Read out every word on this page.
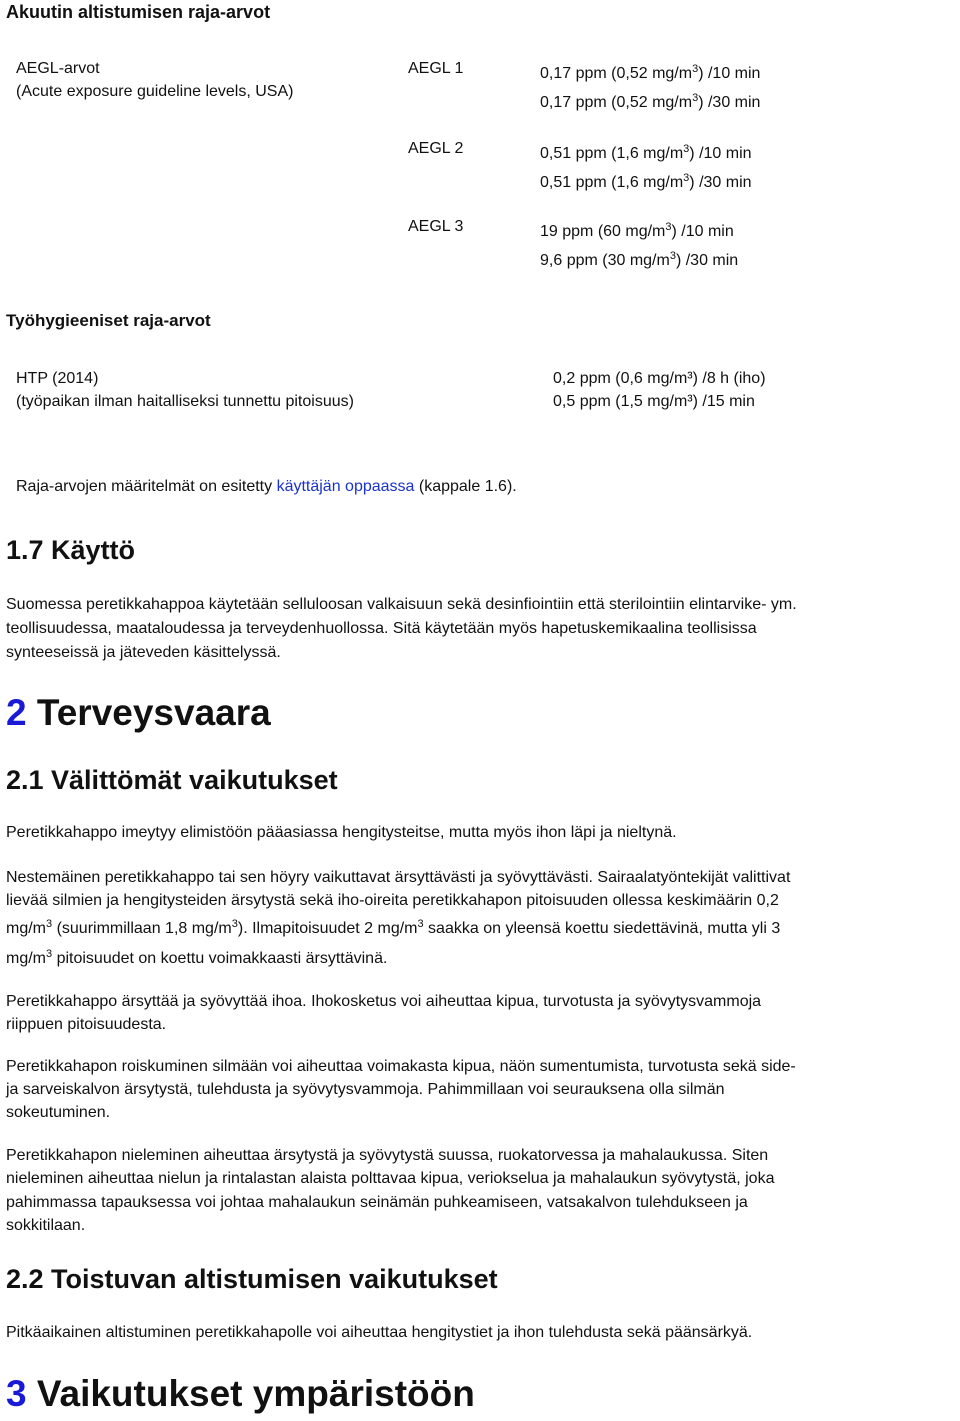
Akuutin altistumisen raja-arvot
AEGL-arvot
(Acute exposure guideline levels, USA)
AEGL 1	0,17 ppm (0,52 $mg/m^3$) /10 min
0,17 ppm (0,52 $mg/m^3$) /30 min
AEGL 2	0,51 ppm (1,6 $mg/m^3$) /10 min
0,51 ppm (1,6 $mg/m^3$) /30 min
AEGL 3	19 ppm (60 $mg/m^3$) /10 min
9,6 ppm (30 $mg/m^3$) /30 min
Työhygieeniset raja-arvot
HTP (2014)
(työpaikan ilman haitalliseksi tunnettu pitoisuus)
0,2 ppm (0,6 mg/m³) /8 h (iho)
0,5 ppm (1,5 mg/m³) /15 min
Raja-arvojen määritelmät on esitetty käyttäjän oppaassa (kappale 1.6).
1.7 Käyttö
Suomessa peretikkahappoa käytetään selluloosan valkaisuun sekä desinfiointiin että sterilointiin elintarvike- ym.
teollisuudessa, maataloudessa ja terveydenhuollossa. Sitä käytetään myös hapetuskemikaalina teollisissa
synteeseissä ja jäteveden käsittelyssä.
2 Terveysvaara
2.1 Välittömät vaikutukset
Peretikkahappo imeytyy elimistöön pääasiassa hengitysteitse, mutta myös ihon läpi ja nieltynä.
Nestemäinen peretikkahappo tai sen höyry vaikuttavat ärsyttävästi ja syövyttävästi. Sairaalatyöntekijät valittivat
lievää silmien ja hengitysteiden ärsytystä sekä iho-oireita peretikkahapon pitoisuuden ollessa keskimäärin 0,2
$mg/m^3$ (suurimmillaan 1,8 $mg/m^3$). Ilmapitoisuudet 2 $mg/m^3$ saakka on yleensä koettu siedettävinä, mutta yli 3
$mg/m^3$ pitoisuudet on koettu voimakkaasti ärsyttävinä.
Peretikkahappo ärsyttää ja syövyttää ihoa. Ihokosketus voi aiheuttaa kipua, turvotusta ja syövytysvammoja
riippuen pitoisuudesta.
Peretikkahapon roiskuminen silmään voi aiheuttaa voimakasta kipua, näön sumentumista, turvotusta sekä side-
ja sarveiskalvon ärsytystä, tulehdusta ja syövytysvammoja. Pahimmillaan voi seurauksena olla silmän
sokeutuminen.
Peretikkahapon nieleminen aiheuttaa ärsytystä ja syövytystä suussa, ruokatorvessa ja mahalaukussa. Siten
nieleminen aiheuttaa nielun ja rintalastan alaista polttavaa kipua, veriokselua ja mahalaukun syövytystä, joka
pahimmassa tapauksessa voi johtaa mahalaukun seinämän puhkeamiseen, vatsakalvon tulehdukseen ja
sokkitilaan.
2.2 Toistuvan altistumisen vaikutukset
Pitkäaikainen altistuminen peretikkahapolle voi aiheuttaa hengitystiet ja ihon tulehdusta sekä päänsärkyä.
3 Vaikutukset ympäristöön
